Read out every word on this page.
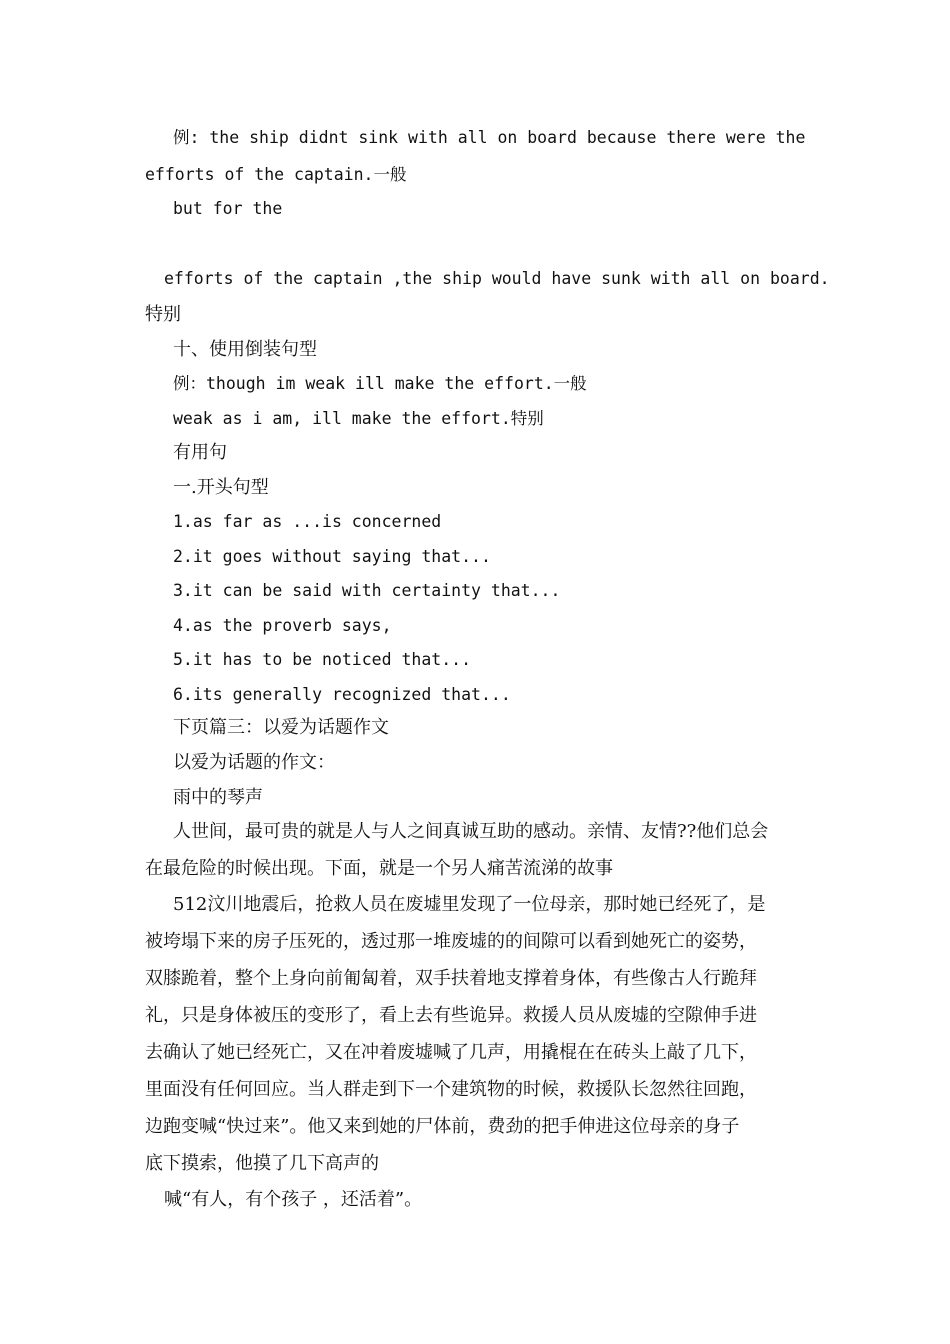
例: the ship didnt sink with all on board because there were the

efforts of the captain.一般

but for the

efforts of the captain ,the ship would have sunk with all on board.

特别

十、使用倒装句型

例：though im weak ill make the effort.一般

weak as i am, ill make the effort.特别

有用句

一.开头句型

1.as far as ...is concerned

2.it goes without saying that...

3.it can be said with certainty that...

4.as the proverb says,

5.it has to be noticed that...

6.its generally recognized that...

下页篇三：以爱为话题作文

以爱为话题的作文：

雨中的琴声

人世间，最可贵的就是人与人之间真诚互助的感动。亲情、友情??他们总会

在最危险的时候出现。下面，就是一个另人痛苦流涕的故事

512汶川地震后，抢救人员在废墟里发现了一位母亲，那时她已经死了，是

被垮塌下来的房子压死的，透过那一堆废墟的的间隙可以看到她死亡的姿势，

双膝跪着，整个上身向前匍匐着，双手扶着地支撑着身体，有些像古人行跪拜

礼，只是身体被压的变形了，看上去有些诡异。救援人员从废墟的空隙伸手进

去确认了她已经死亡，又在冲着废墟喊了几声，用撬棍在在砖头上敲了几下，

里面没有任何回应。当人群走到下一个建筑物的时候，救援队长忽然往回跑，

边跑变喊“快过来”。他又来到她的尸体前，费劲的把手伸进这位母亲的身子

底下摸索，他摸了几下高声的

喊“有人，有个孩子 ，还活着”。
